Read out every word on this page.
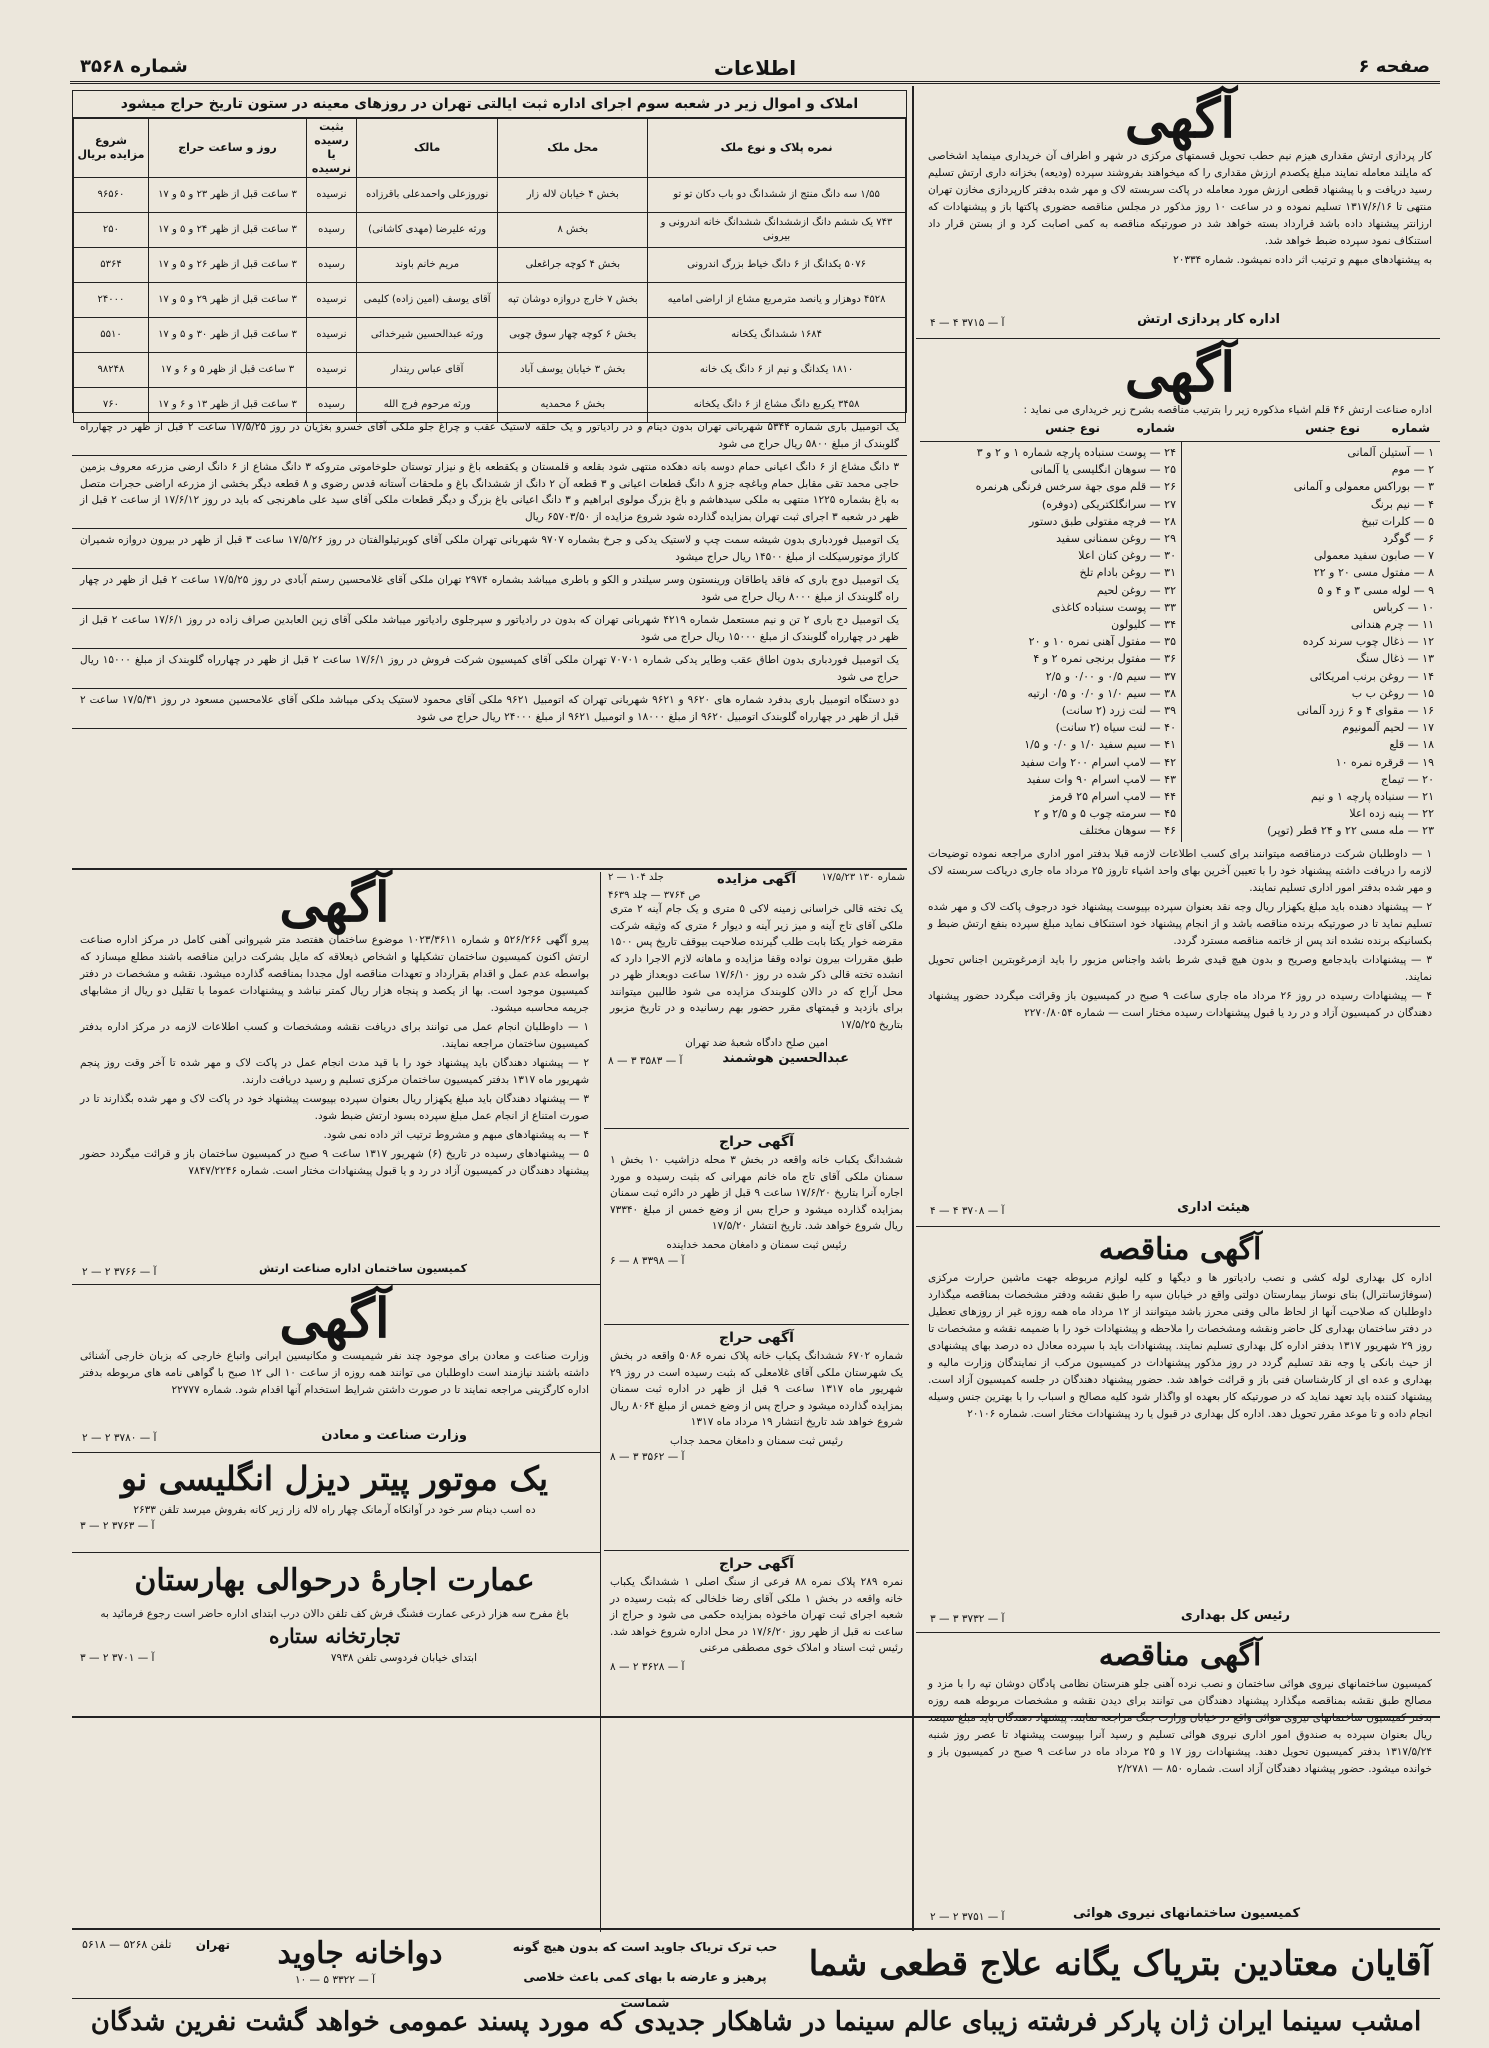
صفحه ۶
اطلاعات
شماره ۳۵۶۸
آگهی

کار پردازی ارتش مقداری هیزم نیم حطب تحویل قسمتهای مرکزی در شهر و اطراف آن خریداری مینماید اشخاصی که مایلند معامله نمایند مبلغ یکصدم ارزش مقداری را که میخواهند بفروشند سپرده (ودیعه) بخزانه داری ارتش تسلیم رسید دریافت و با پیشنهاد قطعی ارزش مورد معامله در پاکت سربسته لاک و مهر شده بدفتر کارپردازی مخازن تهران منتهی تا ۱۳۱۷/۶/۱۶ تسلیم نموده و در ساعت ۱۰ روز مذکور در مجلس مناقصه حضوری پاکتها باز و پیشنهادات که ارزانتر پیشنهاد داده باشد قرارداد بسته خواهد شد در صورتیکه مناقصه به کمی اصابت کرد و از بستن قرار داد استنکاف نمود سپرده ضبط خواهد شد.

به پیشنهادهای مبهم و ترتیب اثر داده نمیشود. شماره ۲۰۳۳۴

اداره کار پردازی ارتش
آ — ۳۷۱۵ ۴ — ۴
آگهی
اداره صناعت ارتش ۴۶ قلم اشیاء مذکوره زیر را بترتیب مناقصه بشرح زیر خریداری می نماید :
شماره
نوع جنس
شماره
نوع جنس
۱ — آستیلن آلمانی
۲ — موم
۳ — بوراکس معمولی و آلمانی
۴ — نیم برنگ
۵ — کلرات تبیخ
۶ — گوگرد
۷ — صابون سفید معمولی
۸ — مفتول مسی ۲۰ و ۲۲
۹ — لوله مسی ۳ و ۴ و ۵
۱۰ — کرباس
۱۱ — چرم هندانی
۱۲ — ذغال چوب سرند کرده
۱۳ — ذغال سنگ
۱۴ — روغن برنب امریکائی
۱۵ — روغن ب ب
۱۶ — مقوای ۴ و ۶ زرد آلمانی
۱۷ — لحیم آلمونیوم
۱۸ — قلع
۱۹ — قرقره نمره ۱۰
۲۰ — تیماج
۲۱ — سنباده پارچه ۱ و نیم
۲۲ — پنبه زده اعلا
۲۳ — مله مسی ۲۲ و ۲۴ قطر (توپر)
۲۴ — پوست سنباده پارچه شماره ۱ و ۲ و ۳
۲۵ — سوهان انگلیسی یا آلمانی
۲۶ — قلم موی جهة سرخس فرنگی هرنمره
۲۷ — سرانگلکتریکی (دوفره)
۲۸ — فرچه مفتولی طبق دستور
۲۹ — روغن سمنانی سفید
۳۰ — روغن کتان اعلا
۳۱ — روغن بادام تلخ
۳۲ — روغن لحیم
۳۳ — پوست سنباده کاغذی
۳۴ — کلیولون
۳۵ — مفتول آهنی نمره ۱۰ و ۲۰
۳۶ — مفتول برنجی نمره ۲ و ۴
۳۷ — سیم ۰/۵ و ۰/۰۰ و ۲/۵
۳۸ — سیم ۱/۰ و ۰/۰ و ۰/۵ ارتیه
۳۹ — لنت زرد (۲ سانت)
۴۰ — لنت سیاه (۲ سانت)
۴۱ — سیم سفید ۱/۰ و ۰/۰ و ۱/۵
۴۲ — لامپ اسرام ۲۰۰ وات سفید
۴۳ — لامپ اسرام ۹۰ وات سفید
۴۴ — لامپ اسرام ۲۵ قرمز
۴۵ — سرمته چوب ۵ و ۲/۵ و ۲
۴۶ — سوهان مختلف

۱ — داوطلبان شرکت درمناقصه میتوانند برای کسب اطلاعات لازمه قبلا بدفتر امور اداری مراجعه نموده توضیحات لازمه را دریافت داشته پیشنهاد خود را با تعیین آخرین بهای واحد اشیاء تاروز ۲۵ مرداد ماه جاری دریاکت سربسته لاک و مهر شده بدفتر امور اداری تسلیم نمایند.

۲ — پیشنهاد دهنده باید مبلغ یکهزار ریال وجه نقد بعنوان سپرده بپیوست پیشنهاد خود درجوف پاکت لاک و مهر شده تسلیم نماید تا در صورتیکه برنده مناقصه باشد و از انجام پیشنهاد خود استنکاف نماید مبلغ سپرده بنفع ارتش ضبط و بکسانیکه برنده نشده اند پس از خاتمه مناقصه مسترد گردد.

۳ — پیشنهادات بایدجامع وصریح و بدون هیچ قیدی شرط باشد واجناس مزبور را باید ازمرغوبترین اجناس تحویل نمایند.

۴ — پیشنهادات رسیده در روز ۲۶ مرداد ماه جاری ساعت ۹ صبح در کمیسیون باز وقرائت میگردد حضور پیشنهاد دهندگان در کمیسیون آزاد و در رد یا قبول پیشنهادات رسیده مختار است — شماره ۲۲۷۰/۸۰۵۴

هیئت اداری
آ — ۳۷۰۸ ۴ — ۴
آگهی مناقصه
اداره کل بهداری لوله کشی و نصب رادیاتور ها و دیگها و کلیه لوازم مربوطه جهت ماشین حرارت مرکزی (سوفاژسانترال) بنای نوساز بیمارستان دولتی واقع در خیابان سپه را طبق نقشه ودفتر مشخصات بمناقصه میگذارد داوطلبان که صلاحیت آنها از لحاظ مالی وفنی محرز باشد میتوانند از ۱۲ مرداد ماه همه روزه غیر از روزهای تعطیل در دفتر ساختمان بهداری کل حاضر ونقشه ومشخصات را ملاحظه و پیشنهادات خود را با ضمیمه نقشه و مشخصات تا روز ۲۹ شهریور ۱۳۱۷ بدفتر اداره کل بهداری تسلیم نمایند. پیشنهادات باید با سپرده معادل ده درصد بهای پیشنهادی از حیث بانکی یا وجه نقد تسلیم گردد در روز مذکور پیشنهادات در کمیسیون مرکب از نمایندگان وزارت مالیه و بهداری و عده ای از کارشناسان فنی باز و قرائت خواهد شد. حضور پیشنهاد دهندگان در جلسه کمیسیون آزاد است. پیشنهاد کننده باید تعهد نماید که در صورتیکه کار بعهده او واگذار شود کلیه مصالح و اسباب را با بهترین جنس وسیله انجام داده و تا موعد مقرر تحویل دهد. اداره کل بهداری در قبول یا رد پیشنهادات مختار است. شماره ۲۰۱۰۶
رئیس کل بهداری
آ — ۳۷۳۲ ۳ — ۳
آگهی مناقصه
کمیسیون ساختمانهای نیروی هوائی ساختمان و نصب نرده آهنی جلو هنرستان نظامی پادگان دوشان تپه را با مزد و مصالح طبق نقشه بمناقصه میگذارد پیشنهاد دهندگان می توانند برای دیدن نقشه و مشخصات مربوطه همه روزه بدفتر کمیسیون ساختمانهای نیروی هوائی واقع در خیابان وزارت جنگ مراجعه نمایند. پیشنهاد دهندگان باید مبلغ سیصد ریال بعنوان سپرده به صندوق امور اداری نیروی هوائی تسلیم و رسید آنرا بپیوست پیشنهاد تا عصر روز شنبه ۱۳۱۷/۵/۲۴ بدفتر کمیسیون تحویل دهند. پیشنهادات روز ۱۷ و ۲۵ مرداد ماه در ساعت ۹ صبح در کمیسیون باز و خوانده میشود. حضور پیشنهاد دهندگان آزاد است. شماره ۸۵۰ — ۲/۲۷۸۱
کمیسیون ساختمانهای نیروی هوائی
آ — ۳۷۵۱ ۲ — ۲
املاک و اموال زیر در شعبه سوم اجرای اداره ثبت ایالتی تهران در روزهای معینه در ستون تاریخ حراج میشود
نمره پلاک و نوع ملک	محل ملک	مالک	بثبت رسیده یا نرسیده	روز و ساعت حراج	شروع مزایده بریال
۱/۵۵ سه دانگ منتج از ششدانگ دو باب دکان تو تو	بخش ۴ خیابان لاله زار	نوروزعلی واحمدعلی باقرزاده	نرسیده	۳ ساعت قبل از ظهر ۲۳ و ۵ و ۱۷	۹۶۵۶۰
۷۴۳ یک ششم دانگ ازششدانگ ششدانگ خانه اندرونی و بیرونی	بخش ۸	ورثه علیرضا (مهدی کاشانی)	رسیده	۳ ساعت قبل از ظهر ۲۴ و ۵ و ۱۷	۲۵۰
۵۰۷۶ یکدانگ از ۶ دانگ خیاط بزرگ اندرونی	بخش ۴ کوچه جراغعلی	مریم خانم باوند	رسیده	۳ ساعت قبل از ظهر ۲۶ و ۵ و ۱۷	۵۳۶۴
۴۵۲۸ دوهزار و یانصد مترمربع مشاع از اراضی امامیه	بخش ۷ خارج دروازه دوشان تپه	آقای یوسف (امین زاده) کلیمی	نرسیده	۳ ساعت قبل از ظهر ۲۹ و ۵ و ۱۷	۲۴۰۰۰
۱۶۸۴ ششدانگ یکخانه	بخش ۶ کوچه چهار سوق چوبی	ورثه عبدالحسین شیرخدائی	نرسیده	۳ ساعت قبل از ظهر ۳۰ و ۵ و ۱۷	۵۵۱۰
۱۸۱۰ یکدانگ و نیم از ۶ دانگ یک خانه	بخش ۳ خیابان یوسف آباد	آقای عباس ریندار	نرسیده	۳ ساعت قبل از ظهر ۵ و ۶ و ۱۷	۹۸۲۴۸
۳۴۵۸ یکربع دانگ مشاع از ۶ دانگ یکخانه	بخش ۶ محمدیه	ورثه مرحوم فرج الله	رسیده	۳ ساعت قبل از ظهر ۱۳ و ۶ و ۱۷	۷۶۰
یک اتومبیل باری شماره ۵۳۴۴ شهربانی تهران بدون دینام و در رادیاتور و یک حلقه لاستیک عقب و چراغ جلو ملکی آقای خسرو بغژیان در روز ۱۷/۵/۲۵ ساعت ۲ قبل از ظهر در چهارراه گلوبندک از مبلغ ۵۸۰۰ ریال حراج می شود
۳ دانگ مشاع از ۶ دانگ اعیانی حمام دوسه بانه دهکده منتهی شود بقلعه و قلمستان و یکقطعه باغ و نیزار توستان حلوخاموتی متروکه ۳ دانگ مشاع از ۶ دانگ ارضی مزرعه معروف بزمین حاجی محمد تقی مقابل حمام وباغچه جزو ۸ دانگ قطعات اعیانی و ۳ قطعه آن ۲ دانگ از ششدانگ باغ و ملحقات آستانه قدس رضوی و ۸ قطعه دیگر بخشی از مزرعه اراضی حجرات متصل به باغ بشماره ۱۲۲۵ منتهی به ملکی سیدهاشم و باغ بزرگ مولوی ابراهیم و ۳ دانگ اعیانی باغ بزرگ و دیگر قطعات ملکی آقای سید علی ماهرنجی که باید در روز ۱۷/۶/۱۲ از ساعت ۲ قبل از ظهر در شعبه ۳ اجرای ثبت تهران بمزایده گذارده شود شروع مزایده از ۶۵۷۰۳/۵۰ ریال
یک اتومبیل فوردباری بدون شیشه سمت چپ و لاستیک یدکی و جرخ بشماره ۹۷۰۷ شهربانی تهران ملکی آقای کوبرتیلوالفتان در روز ۱۷/۵/۲۶ ساعت ۳ قبل از ظهر در بیرون دروازه شمیران کاراژ موتورسیکلت از مبلغ ۱۴۵۰۰ ریال حراج میشود
یک اتومبیل دوج باری که فاقد یاطاقان ورینستون وسر سیلندر و الکو و باطری میباشد بشماره ۲۹۷۴ تهران ملکی آقای غلامحسین رستم آبادی در روز ۱۷/۵/۲۵ ساعت ۲ قبل از ظهر در چهار راه گلوبندک از مبلغ ۸۰۰۰ ریال حراج می شود
یک اتومبیل دج باری ۲ تن و نیم مستعمل شماره ۴۲۱۹ شهربانی تهران که بدون در رادیاتور و سپرجلوی رادیاتور میباشد ملکی آقای زین العابدین صراف زاده در روز ۱۷/۶/۱ ساعت ۲ قبل از ظهر در چهارراه گلوبندک از مبلغ ۱۵۰۰۰ ریال حراج می شود
یک اتومبیل فوردباری بدون اطاق عقب وطایر یدکی شماره ۷۰۷۰۱ تهران ملکی آقای کمیسیون شرکت فروش در روز ۱۷/۶/۱ ساعت ۲ قبل از ظهر در چهارراه گلوبندک از مبلغ ۱۵۰۰۰ ریال حراج می شود
دو دستگاه اتومبیل باری بدفرد شماره های ۹۶۲۰ و ۹۶۲۱ شهربانی تهران که اتومبیل ۹۶۲۱ ملکی آقای محمود لاستیک یدکی میباشد ملکی آقای علامحسین مسعود در روز ۱۷/۵/۳۱ ساعت ۲ قبل از ظهر در چهارراه گلوبندک اتومبیل ۹۶۲۰ از مبلغ ۱۸۰۰۰ و اتومبیل ۹۶۲۱ از مبلغ ۲۴۰۰۰ ریال حراج می شود
آگهی

پیرو آگهی ۵۲۶/۲۶۶ و شماره ۱۰۲۳/۳۶۱۱ موضوع ساختمان هفتصد متر شیروانی آهنی کامل در مرکز اداره صناعت ارتش اکنون کمیسیون ساختمان تشکیلها و اشخاص ذیعلاقه که مایل بشرکت دراین مناقصه باشند مطلع میسازد که بواسطه عدم عمل و اقدام بقرارداد و تعهدات مناقصه اول مجددا بمناقصه گذارده میشود. نقشه و مشخصات در دفتر کمیسیون موجود است. بها از یکصد و پنجاه هزار ریال کمتر نباشد و پیشنهادات عموما با تقلیل دو ریال از مشابهای جریمه محاسبه میشود.

۱ — داوطلبان انجام عمل می توانند برای دریافت نقشه ومشخصات و کسب اطلاعات لازمه در مرکز اداره بدفتر کمیسیون ساختمان مراجعه نمایند.

۲ — پیشنهاد دهندگان باید پیشنهاد خود را با قید مدت انجام عمل در پاکت لاک و مهر شده تا آخر وقت روز پنجم شهریور ماه ۱۳۱۷ بدفتر کمیسیون ساختمان مرکزی تسلیم و رسید دریافت دارند.

۳ — پیشنهاد دهندگان باید مبلغ یکهزار ریال بعنوان سپرده بپیوست پیشنهاد خود در پاکت لاک و مهر شده بگذارند تا در صورت امتناع از انجام عمل مبلغ سپرده بسود ارتش ضبط شود.

۴ — به پیشنهادهای مبهم و مشروط ترتیب اثر داده نمی شود.

۵ — پیشنهادهای رسیده در تاریخ (۶) شهریور ۱۳۱۷ ساعت ۹ صبح در کمیسیون ساختمان باز و قرائت میگردد حضور پیشنهاد دهندگان در کمیسیون آزاد در رد و یا قبول پیشنهادات مختار است. شماره ۷۸۴۷/۲۲۴۶

کمیسیون ساختمان اداره صناعت ارتش
آ — ۳۷۶۶ ۲ — ۲
آگهی
وزارت صناعت و معادن برای موجود چند نفر شیمیست و مکانیسین ایرانی واتباع خارجی که بزبان خارجی آشنائی داشته باشند نیازمند است داوطلبان می توانند همه روزه از ساعت ۱۰ الی ۱۲ صبح با گواهی نامه های مربوطه بدفتر اداره کارگزینی مراجعه نمایند تا در صورت داشتن شرایط استخدام آنها اقدام شود. شماره ۲۲۷۷۷
وزارت صناعت و معادن
آ — ۳۷۸۰ ۲ — ۲
یک موتور پیتر دیزل انگلیسی نو
ده اسب دینام سر خود در آوانکاه آرمانک چهار راه لاله زار زیر کانه بفروش میرسد تلفن ۲۶۳۳
آ — ۳۷۶۳ ۲ — ۳
عمارت اجارهٔ درحوالی بهارستان
باغ مفرح سه هزار ذرعی عمارت فشنگ فرش کف تلفن دالان درب ابتدای اداره حاضر است رجوع فرمائید به
تجارتخانه ستاره
ابتدای خیابان فردوسی تلفن ۷۹۳۸
آ — ۳۷۰۱ ۲ — ۳
شماره ۱۳۰ ۱۷/۵/۲۳
آگهی مزایده
جلد ۱۰۴ — ۲
ص ۳۷۶۴ — چلد ۴۶۳۹

یک تخته قالی خراسانی زمینه لاکی ۵ متری و یک جام آینه ۲ متری ملکی آقای تاج آینه و میز زیر آینه و دیوار ۶ متری که وثیقه شرکت مقرضه خوار یکتا بابت طلب گیرنده صلاحیت بیوقف تاریخ پس ۱۵۰۰ طبق مقررات بیرون نواده وقفا مزایده و ماهانه لازم الاجرا دارد که انشده تخته قالی ذکر شده در روز ۱۷/۶/۱۰ ساعت دوبعداز ظهر در محل آراج که در دالان کلوبندک مزایده می شود طالبین میتوانند برای بازدید و قیمتهای مقرر حضور بهم رسانیده و در تاریخ مزبور بتاریخ ۱۷/۵/۲۵

امین صلح دادگاه شعبهٔ ضد تهران
عبدالحسین هوشمند
آ — ۳۵۸۳ ۳ — ۸
آگهی حراج

ششدانگ یکباب خانه واقعه در بخش ۳ محله دزاشیب ۱۰ بخش ۱ سمنان ملکی آقای تاج ماه خانم مهرانی که بثبت رسیده و مورد اجاره آنرا بتاریخ ۱۷/۶/۲۰ ساعت ۹ قبل از ظهر در دائره ثبت سمنان بمزایده گذارده میشود و حراج بس از وضع خمس از مبلغ ۷۳۳۴۰ ریال شروع خواهد شد. تاریخ انتشار ۱۷/۵/۲۰

رئیس ثبت سمنان و دامغان محمد خداینده
آ — ۳۳۹۸ ۸ — ۶
آگهی حراج

شماره ۶۷۰۲ ششدانگ یکباب خانه پلاک نمره ۵۰۸۶ واقعه در بخش یک شهرستان ملکی آقای غلامعلی که بثبت رسیده است در روز ۲۹ شهریور ماه ۱۳۱۷ ساعت ۹ قبل از ظهر در اداره ثبت سمنان بمزایده گذارده میشود و حراج پس از وضع خمس از مبلغ ۸۰۶۴ ریال شروع خواهد شد تاریخ انتشار ۱۹ مرداد ماه ۱۳۱۷

رئیس ثبت سمنان و دامغان محمد جداب
آ — ۳۵۶۲ ۳ — ۸
آگهی حراج

نمره ۲۸۹ پلاک نمره ۸۸ فرعی از سنگ اصلی ۱ ششدانگ یکباب خانه واقعه در بخش ۱ ملکی آقای رضا خلخالی که بثبت رسیده در شعبه اجرای ثبت تهران ماخوذه بمزایده حکمی می شود و حراج از ساعت نه قبل از ظهر روز ۱۷/۶/۲۰ در محل اداره شروع خواهد شد. رئیس ثبت اسناد و املاک خوی مصطفی مرعنی

آ — ۳۶۲۸ ۲ — ۸
آقایان معتادین بتریاک یگانه علاج قطعی شما
حب ترک تریاک جاوید است که بدون هیچ گونه
پرهیز و عارضه با بهای کمی باعث خلاصی شماست
دواخانه جاوید
تهران
تلفن ۵۲۶۸ — ۵۶۱۸
آ — ۳۳۲۲ ۵ — ۱۰
امشب سینما ایران ژان پارکر فرشته زیبای عالم سینما در شاهکار جدیدی که مورد پسند عمومی خواهد گشت نفرین شدگان
